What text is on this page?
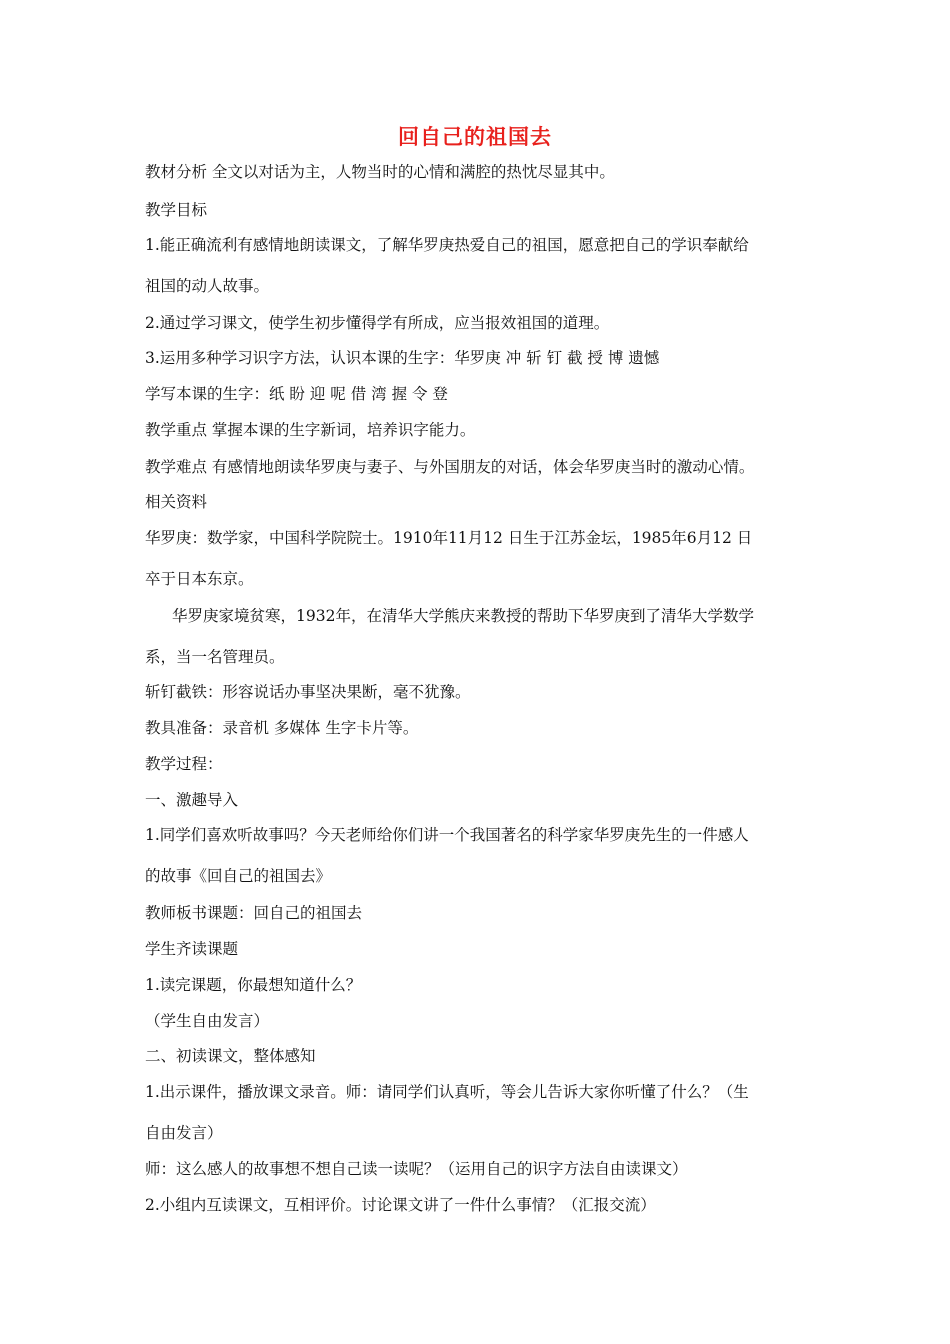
回自己的祖国去
教材分析 全文以对话为主，人物当时的心情和满腔的热忱尽显其中。
教学目标
1.能正确流利有感情地朗读课文，了解华罗庚热爱自己的祖国，愿意把自己的学识奉献给
祖国的动人故事。
2.通过学习课文，使学生初步懂得学有所成，应当报效祖国的道理。
3.运用多种学习识字方法，认识本课的生字：华罗庚 冲 斩 钉 截 授 博 遗憾
学写本课的生字：纸 盼 迎 呢 借 湾 握 令 登
教学重点 掌握本课的生字新词，培养识字能力。
教学难点 有感情地朗读华罗庚与妻子、与外国朋友的对话，体会华罗庚当时的激动心情。
相关资料
华罗庚：数学家，中国科学院院士。1910年11月12 日生于江苏金坛，1985年6月12 日
卒于日本东京。
华罗庚家境贫寒，1932年，在清华大学熊庆来教授的帮助下华罗庚到了清华大学数学
系，当一名管理员。
斩钉截铁：形容说话办事坚决果断，毫不犹豫。
教具准备：录音机 多媒体 生字卡片等。
教学过程：
一、激趣导入
1.同学们喜欢听故事吗？今天老师给你们讲一个我国著名的科学家华罗庚先生的一件感人
的故事《回自己的祖国去》
教师板书课题：回自己的祖国去
学生齐读课题
1.读完课题，你最想知道什么？
（学生自由发言）
二、初读课文，整体感知
1.出示课件，播放课文录音。师：请同学们认真听，等会儿告诉大家你听懂了什么？（生
自由发言）
师：这么感人的故事想不想自己读一读呢？（运用自己的识字方法自由读课文）
2.小组内互读课文，互相评价。讨论课文讲了一件什么事情？（汇报交流）
